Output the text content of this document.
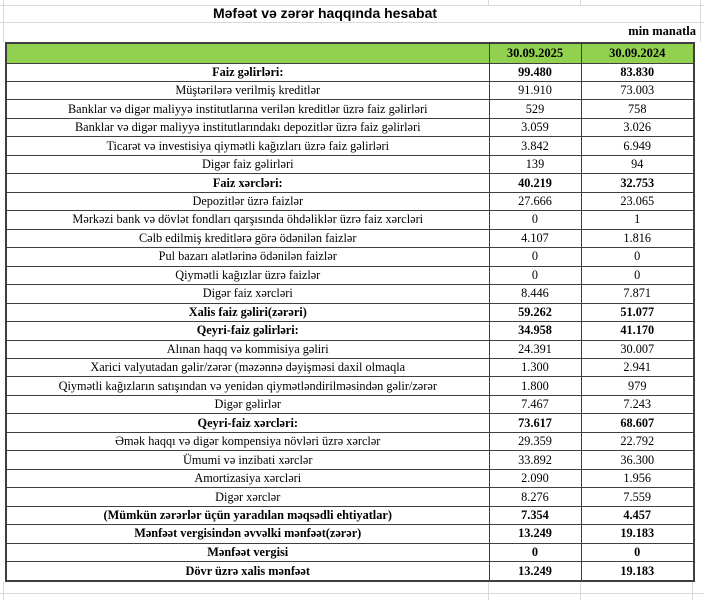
Məfəət və zərər haqqında hesabat
min manatla
	30.09.2025	30.09.2024
Faiz gəlirləri:	99.480	83.830
Müştərilərə verilmiş kreditlər	91.910	73.003
Banklar və digər maliyyə institutlarına verilən kreditlər üzrə faiz gəlirləri	529	758
Banklar və digər maliyyə institutlarındakı depozitlər üzrə faiz gəlirləri	3.059	3.026
Ticarət və investisiya qiymətli kağızları üzrə faiz gəlirləri	3.842	6.949
Digər faiz gəlirləri	139	94
Faiz xərcləri:	40.219	32.753
Depozitlər üzrə faizlər	27.666	23.065
Mərkəzi bank və dövlət fondları qarşısında öhdəliklər üzrə faiz xərcləri	0	1
Cəlb edilmiş kreditlərə görə ödənilən faizlər	4.107	1.816
Pul bazarı alətlərinə ödənilən faizlər	0	0
Qiymətli kağızlar üzrə faizlər	0	0
Digər faiz xərcləri	8.446	7.871
Xalis faiz gəliri(zərəri)	59.262	51.077
Qeyri-faiz gəlirləri:	34.958	41.170
Alınan haqq və kommisiya gəliri	24.391	30.007
Xarici valyutadan gəlir/zərər (məzənnə dəyişməsi daxil olmaqla	1.300	2.941
Qiymətli kağızların satışından və yenidən qiymətləndirilməsindən gəlir/zərər	1.800	979
Digər gəlirlər	7.467	7.243
Qeyri-faiz xərcləri:	73.617	68.607
Əmək haqqı və digər kompensiya növləri üzrə xərclər	29.359	22.792
Ümumi və inzibati xərclər	33.892	36.300
Amortizasiya xərcləri	2.090	1.956
Digər xərclər	8.276	7.559
(Mümkün zərərlər üçün yaradılan məqsədli ehtiyatlar)	7.354	4.457
Mənfəət vergisindən əvvəlki mənfəət(zərər)	13.249	19.183
Mənfəət vergisi	0	0
Dövr üzrə xalis mənfəət	13.249	19.183
